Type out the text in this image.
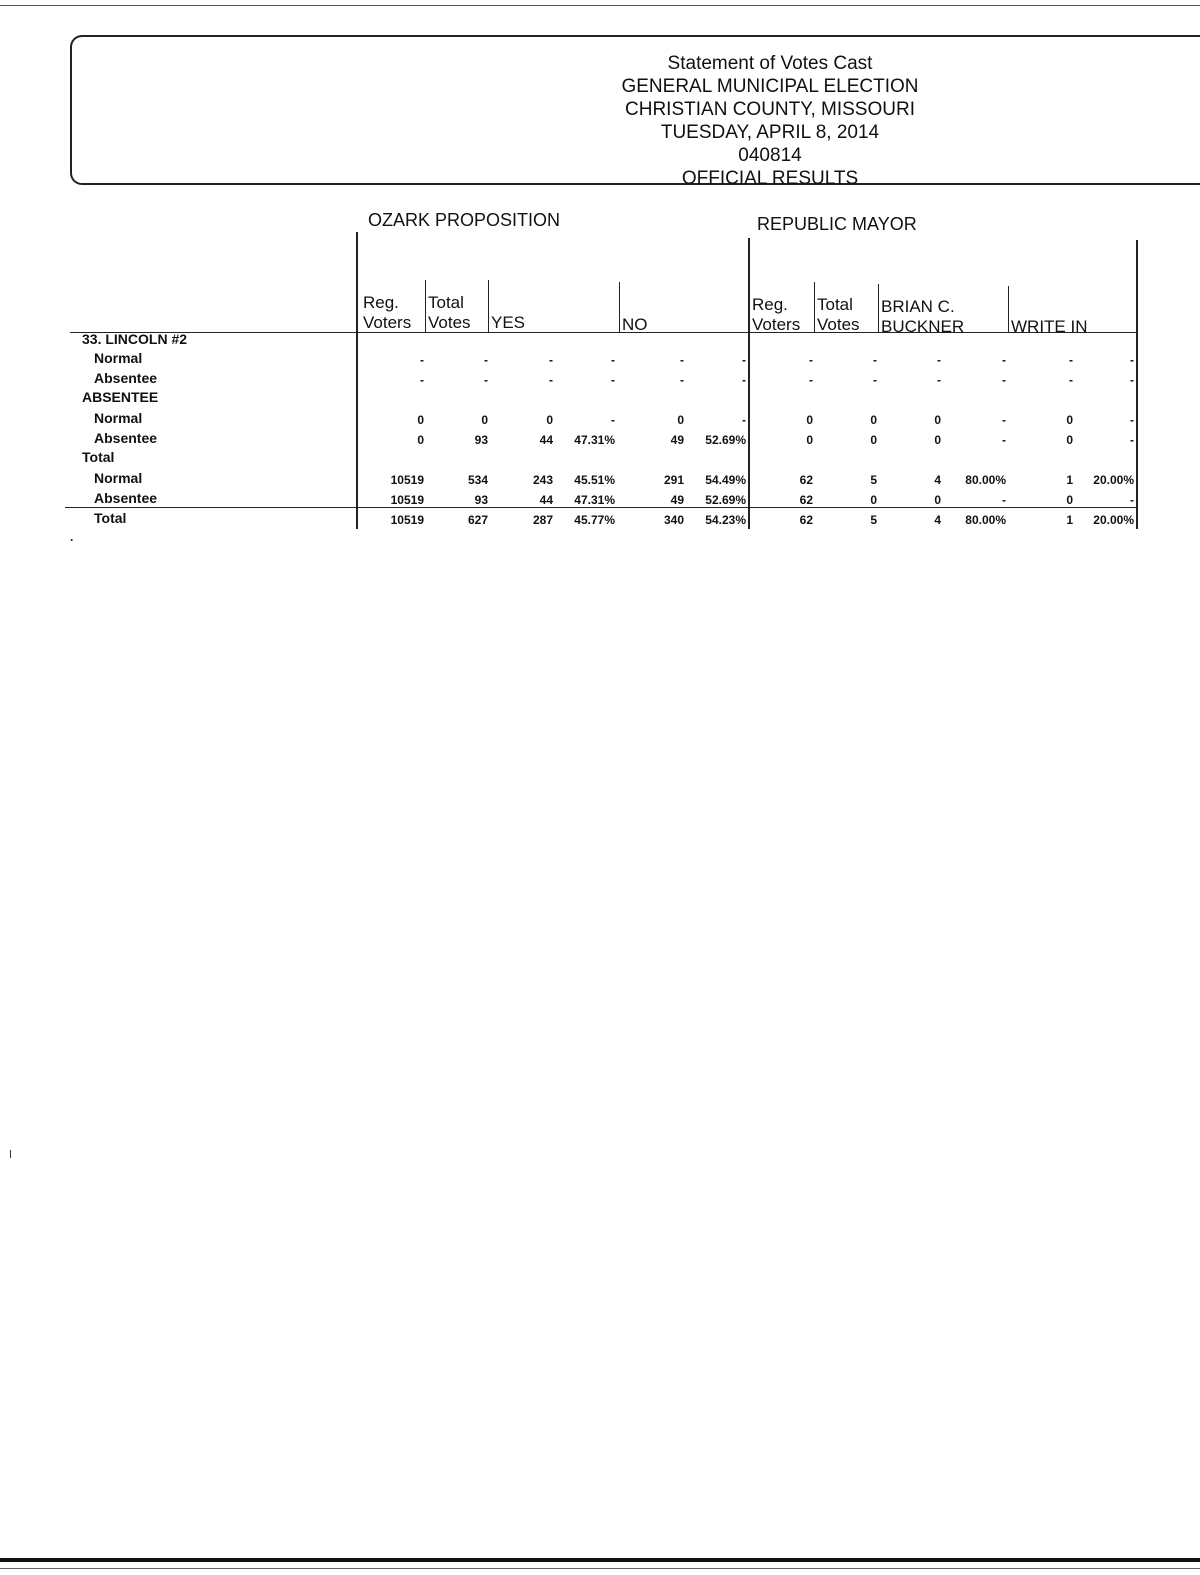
Statement of Votes Cast
GENERAL MUNICIPAL ELECTION
CHRISTIAN COUNTY, MISSOURI
TUESDAY, APRIL 8, 2014
040814
OFFICIAL RESULTS
OZARK PROPOSITION	REPUBLIC MAYOR
Reg.
Voters
Total
Votes
YES
	NO
Reg.
Voters
Total
Votes
BRIAN C.
BUCKNER
	WRITE IN
33. LINCOLN #2
Normal	-	-	-	-	-	-	-	-	-	-	-	-
Absentee	-	-	-	-	-	-	-	-	-	-	-	-
ABSENTEE
Normal	0	0	0	-	0	-	0	0	0	-	0	-
Absentee	0	93	44	47.31%	49	52.69%	0	0	0	-	0	-
Total
Normal	10519	534	243	45.51%	291	54.49%	62	5	4	80.00%	1	20.00%
Absentee	10519	93	44	47.31%	49	52.69%	62	0	0	-	0	-
Total	10519	627	287	45.77%	340	54.23%	62	5	4	80.00%	1	20.00%
·
